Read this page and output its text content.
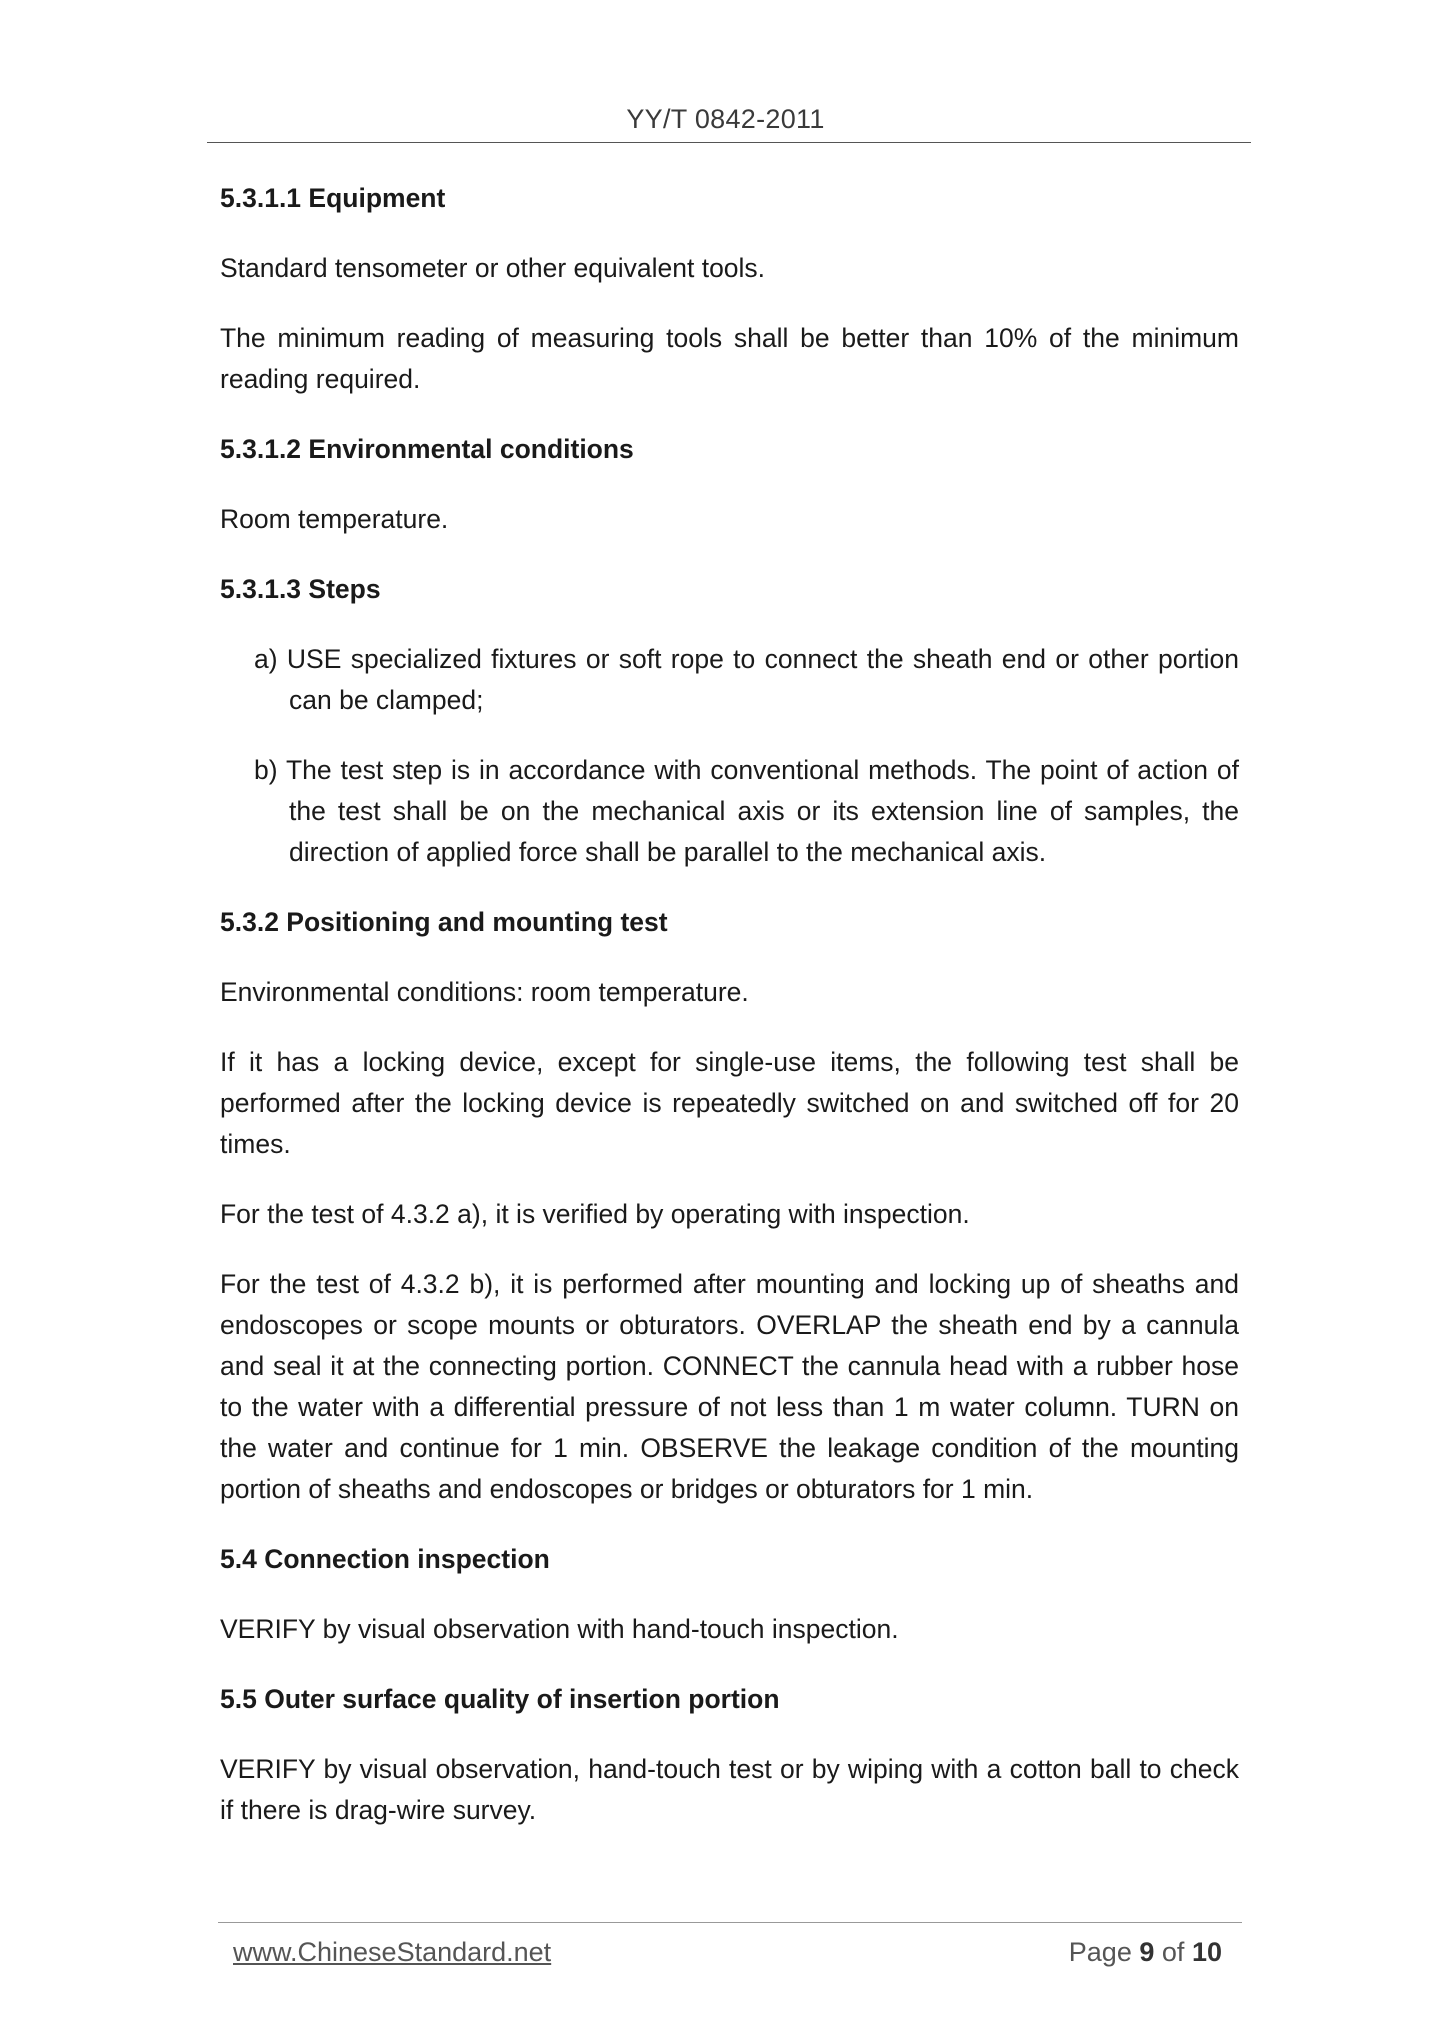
YY/T 0842-2011
5.3.1.1 Equipment
Standard tensometer or other equivalent tools.
The minimum reading of measuring tools shall be better than 10% of the minimum reading required.
5.3.1.2 Environmental conditions
Room temperature.
5.3.1.3 Steps
a) USE specialized fixtures or soft rope to connect the sheath end or other portion can be clamped;
b) The test step is in accordance with conventional methods. The point of action of the test shall be on the mechanical axis or its extension line of samples, the direction of applied force shall be parallel to the mechanical axis.
5.3.2 Positioning and mounting test
Environmental conditions: room temperature.
If it has a locking device, except for single-use items, the following test shall be performed after the locking device is repeatedly switched on and switched off for 20 times.
For the test of 4.3.2 a), it is verified by operating with inspection.
For the test of 4.3.2 b), it is performed after mounting and locking up of sheaths and endoscopes or scope mounts or obturators. OVERLAP the sheath end by a cannula and seal it at the connecting portion. CONNECT the cannula head with a rubber hose to the water with a differential pressure of not less than 1 m water column. TURN on the water and continue for 1 min. OBSERVE the leakage condition of the mounting portion of sheaths and endoscopes or bridges or obturators for 1 min.
5.4 Connection inspection
VERIFY by visual observation with hand-touch inspection.
5.5 Outer surface quality of insertion portion
VERIFY by visual observation, hand-touch test or by wiping with a cotton ball to check if there is drag-wire survey.
www.ChineseStandard.net	Page 9 of 10
